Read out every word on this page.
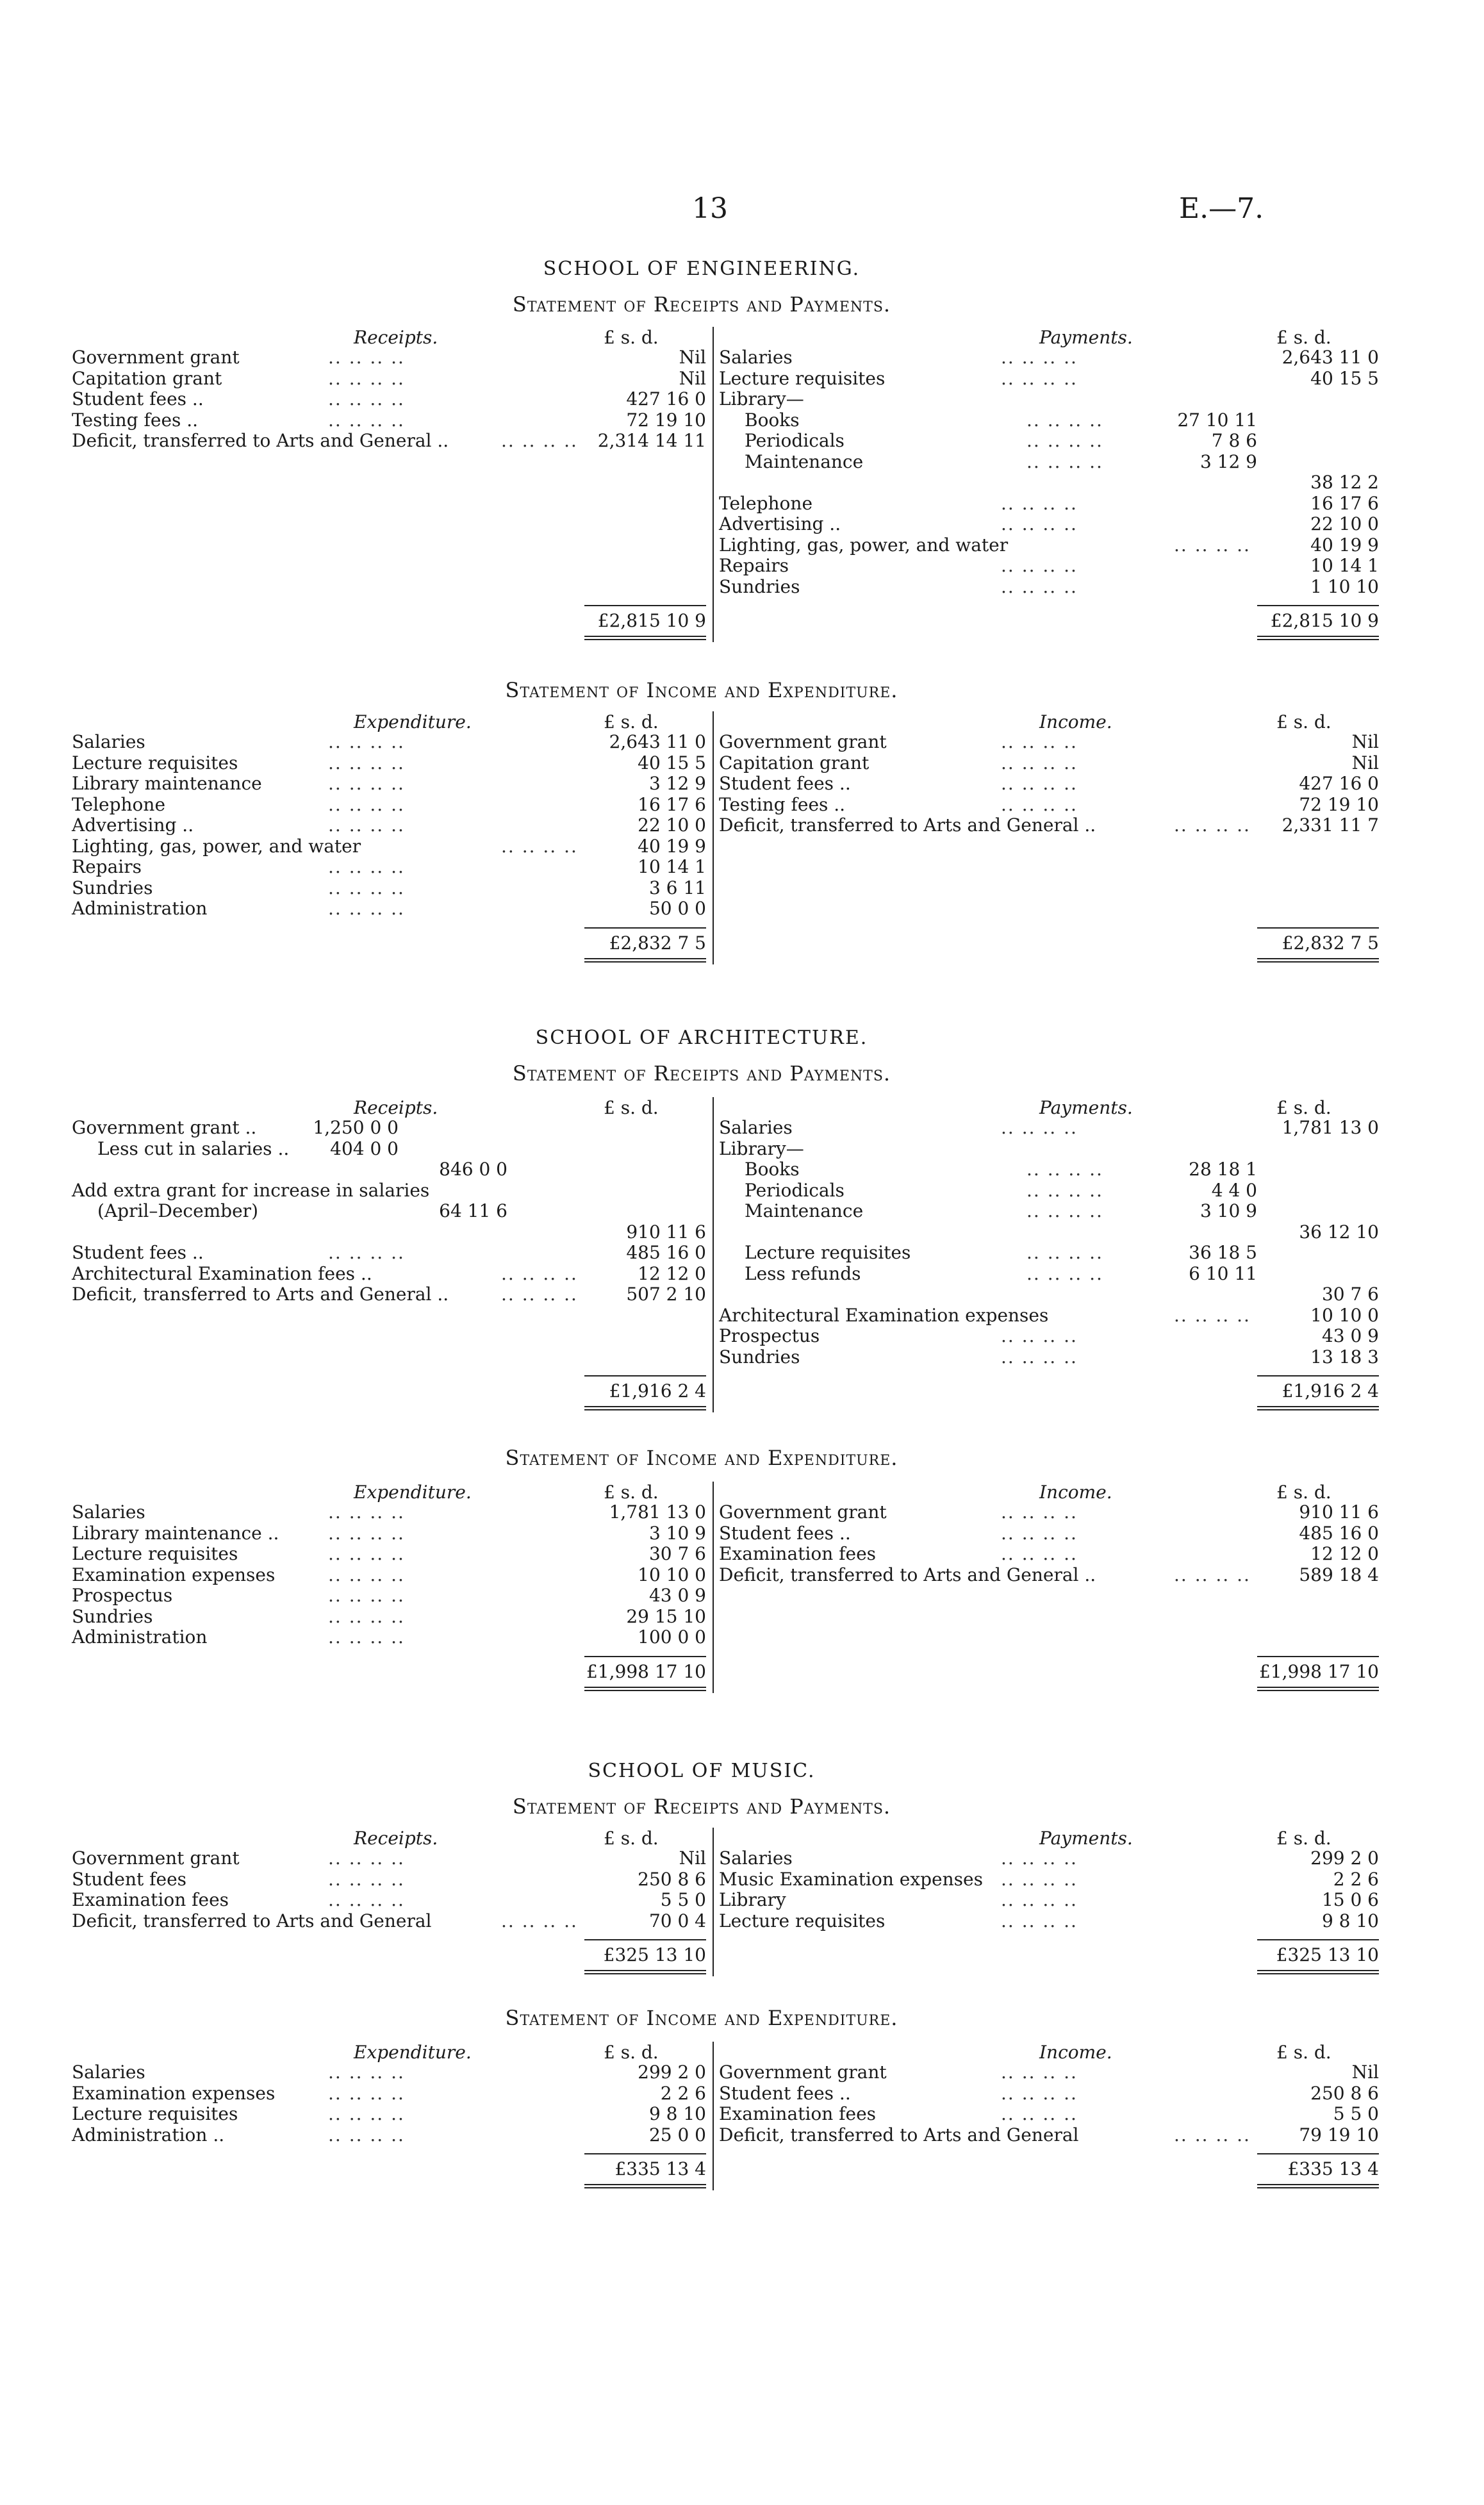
13	E.—7.
SCHOOL OF ENGINEERING.
Statement of Receipts and Payments.
Receipts.	£ s. d.	Payments.	£ s. d.
Government grant	.. .. .. ..	Nil
Capitation grant	.. .. .. ..	Nil
Student fees ..	.. .. .. ..	427 16 0
Testing fees ..	.. .. .. ..	72 19 10
Deficit, transferred to Arts and General ..	.. .. .. ..	2,314 14 11
Salaries	.. .. .. ..	2,643 11 0
Lecture requisites	.. .. .. ..	40 15 5
Library—
Books	.. .. .. ..	27 10 11
Periodicals	.. .. .. ..	7 8 6
Maintenance	.. .. .. ..	3 12 9
38 12 2
Telephone	.. .. .. ..	16 17 6
Advertising ..	.. .. .. ..	22 10 0
Lighting, gas, power, and water	.. .. .. ..	40 19 9
Repairs	.. .. .. ..	10 14 1
Sundries	.. .. .. ..	1 10 10
£2,815 10 9	£2,815 10 9
Statement of Income and Expenditure.
Expenditure.	£ s. d.	Income.	£ s. d.
Salaries	.. .. .. ..	2,643 11 0
Lecture requisites	.. .. .. ..	40 15 5
Library maintenance	.. .. .. ..	3 12 9
Telephone	.. .. .. ..	16 17 6
Advertising ..	.. .. .. ..	22 10 0
Lighting, gas, power, and water	.. .. .. ..	40 19 9
Repairs	.. .. .. ..	10 14 1
Sundries	.. .. .. ..	3 6 11
Administration	.. .. .. ..	50 0 0
Government grant	.. .. .. ..	Nil
Capitation grant	.. .. .. ..	Nil
Student fees ..	.. .. .. ..	427 16 0
Testing fees ..	.. .. .. ..	72 19 10
Deficit, transferred to Arts and General ..	.. .. .. ..	2,331 11 7
£2,832 7 5	£2,832 7 5
SCHOOL OF ARCHITECTURE.
Statement of Receipts and Payments.
Receipts.	£ s. d.	Payments.	£ s. d.
Government grant ..	1,250 0 0
Less cut in salaries ..	404 0 0
846 0 0
Add extra grant for increase in salaries
(April–December)	64 11 6
910 11 6
Student fees ..	.. .. .. ..	485 16 0
Architectural Examination fees ..	.. .. .. ..	12 12 0
Deficit, transferred to Arts and General ..	.. .. .. ..	507 2 10
Salaries	.. .. .. ..	1,781 13 0
Library—
Books	.. .. .. ..	28 18 1
Periodicals	.. .. .. ..	4 4 0
Maintenance	.. .. .. ..	3 10 9
36 12 10
Lecture requisites	.. .. .. ..	36 18 5
Less refunds	.. .. .. ..	6 10 11
30 7 6
Architectural Examination expenses	.. .. .. ..	10 10 0
Prospectus	.. .. .. ..	43 0 9
Sundries	.. .. .. ..	13 18 3
£1,916 2 4	£1,916 2 4
Statement of Income and Expenditure.
Expenditure.	£ s. d.	Income.	£ s. d.
Salaries	.. .. .. ..	1,781 13 0
Library maintenance ..	.. .. .. ..	3 10 9
Lecture requisites	.. .. .. ..	30 7 6
Examination expenses	.. .. .. ..	10 10 0
Prospectus	.. .. .. ..	43 0 9
Sundries	.. .. .. ..	29 15 10
Administration	.. .. .. ..	100 0 0
Government grant	.. .. .. ..	910 11 6
Student fees ..	.. .. .. ..	485 16 0
Examination fees	.. .. .. ..	12 12 0
Deficit, transferred to Arts and General ..	.. .. .. ..	589 18 4
£1,998 17 10	£1,998 17 10
SCHOOL OF MUSIC.
Statement of Receipts and Payments.
Receipts.	£ s. d.	Payments.	£ s. d.
Government grant	.. .. .. ..	Nil
Student fees	.. .. .. ..	250 8 6
Examination fees	.. .. .. ..	5 5 0
Deficit, transferred to Arts and General	.. .. .. ..	70 0 4
Salaries	.. .. .. ..	299 2 0
Music Examination expenses .. .. .. ..	2 2 6
Library	.. .. .. ..	15 0 6
Lecture requisites	.. .. .. ..	9 8 10
£325 13 10	£325 13 10
Statement of Income and Expenditure.
Expenditure.	£ s. d.	Income.	£ s. d.
Salaries	.. .. .. ..	299 2 0
Examination expenses	.. .. .. ..	2 2 6
Lecture requisites	.. .. .. ..	9 8 10
Administration ..	.. .. .. ..	25 0 0
Government grant	.. .. .. ..	Nil
Student fees ..	.. .. .. ..	250 8 6
Examination fees	.. .. .. ..	5 5 0
Deficit, transferred to Arts and General	.. .. .. ..	79 19 10
£335 13 4	£335 13 4
